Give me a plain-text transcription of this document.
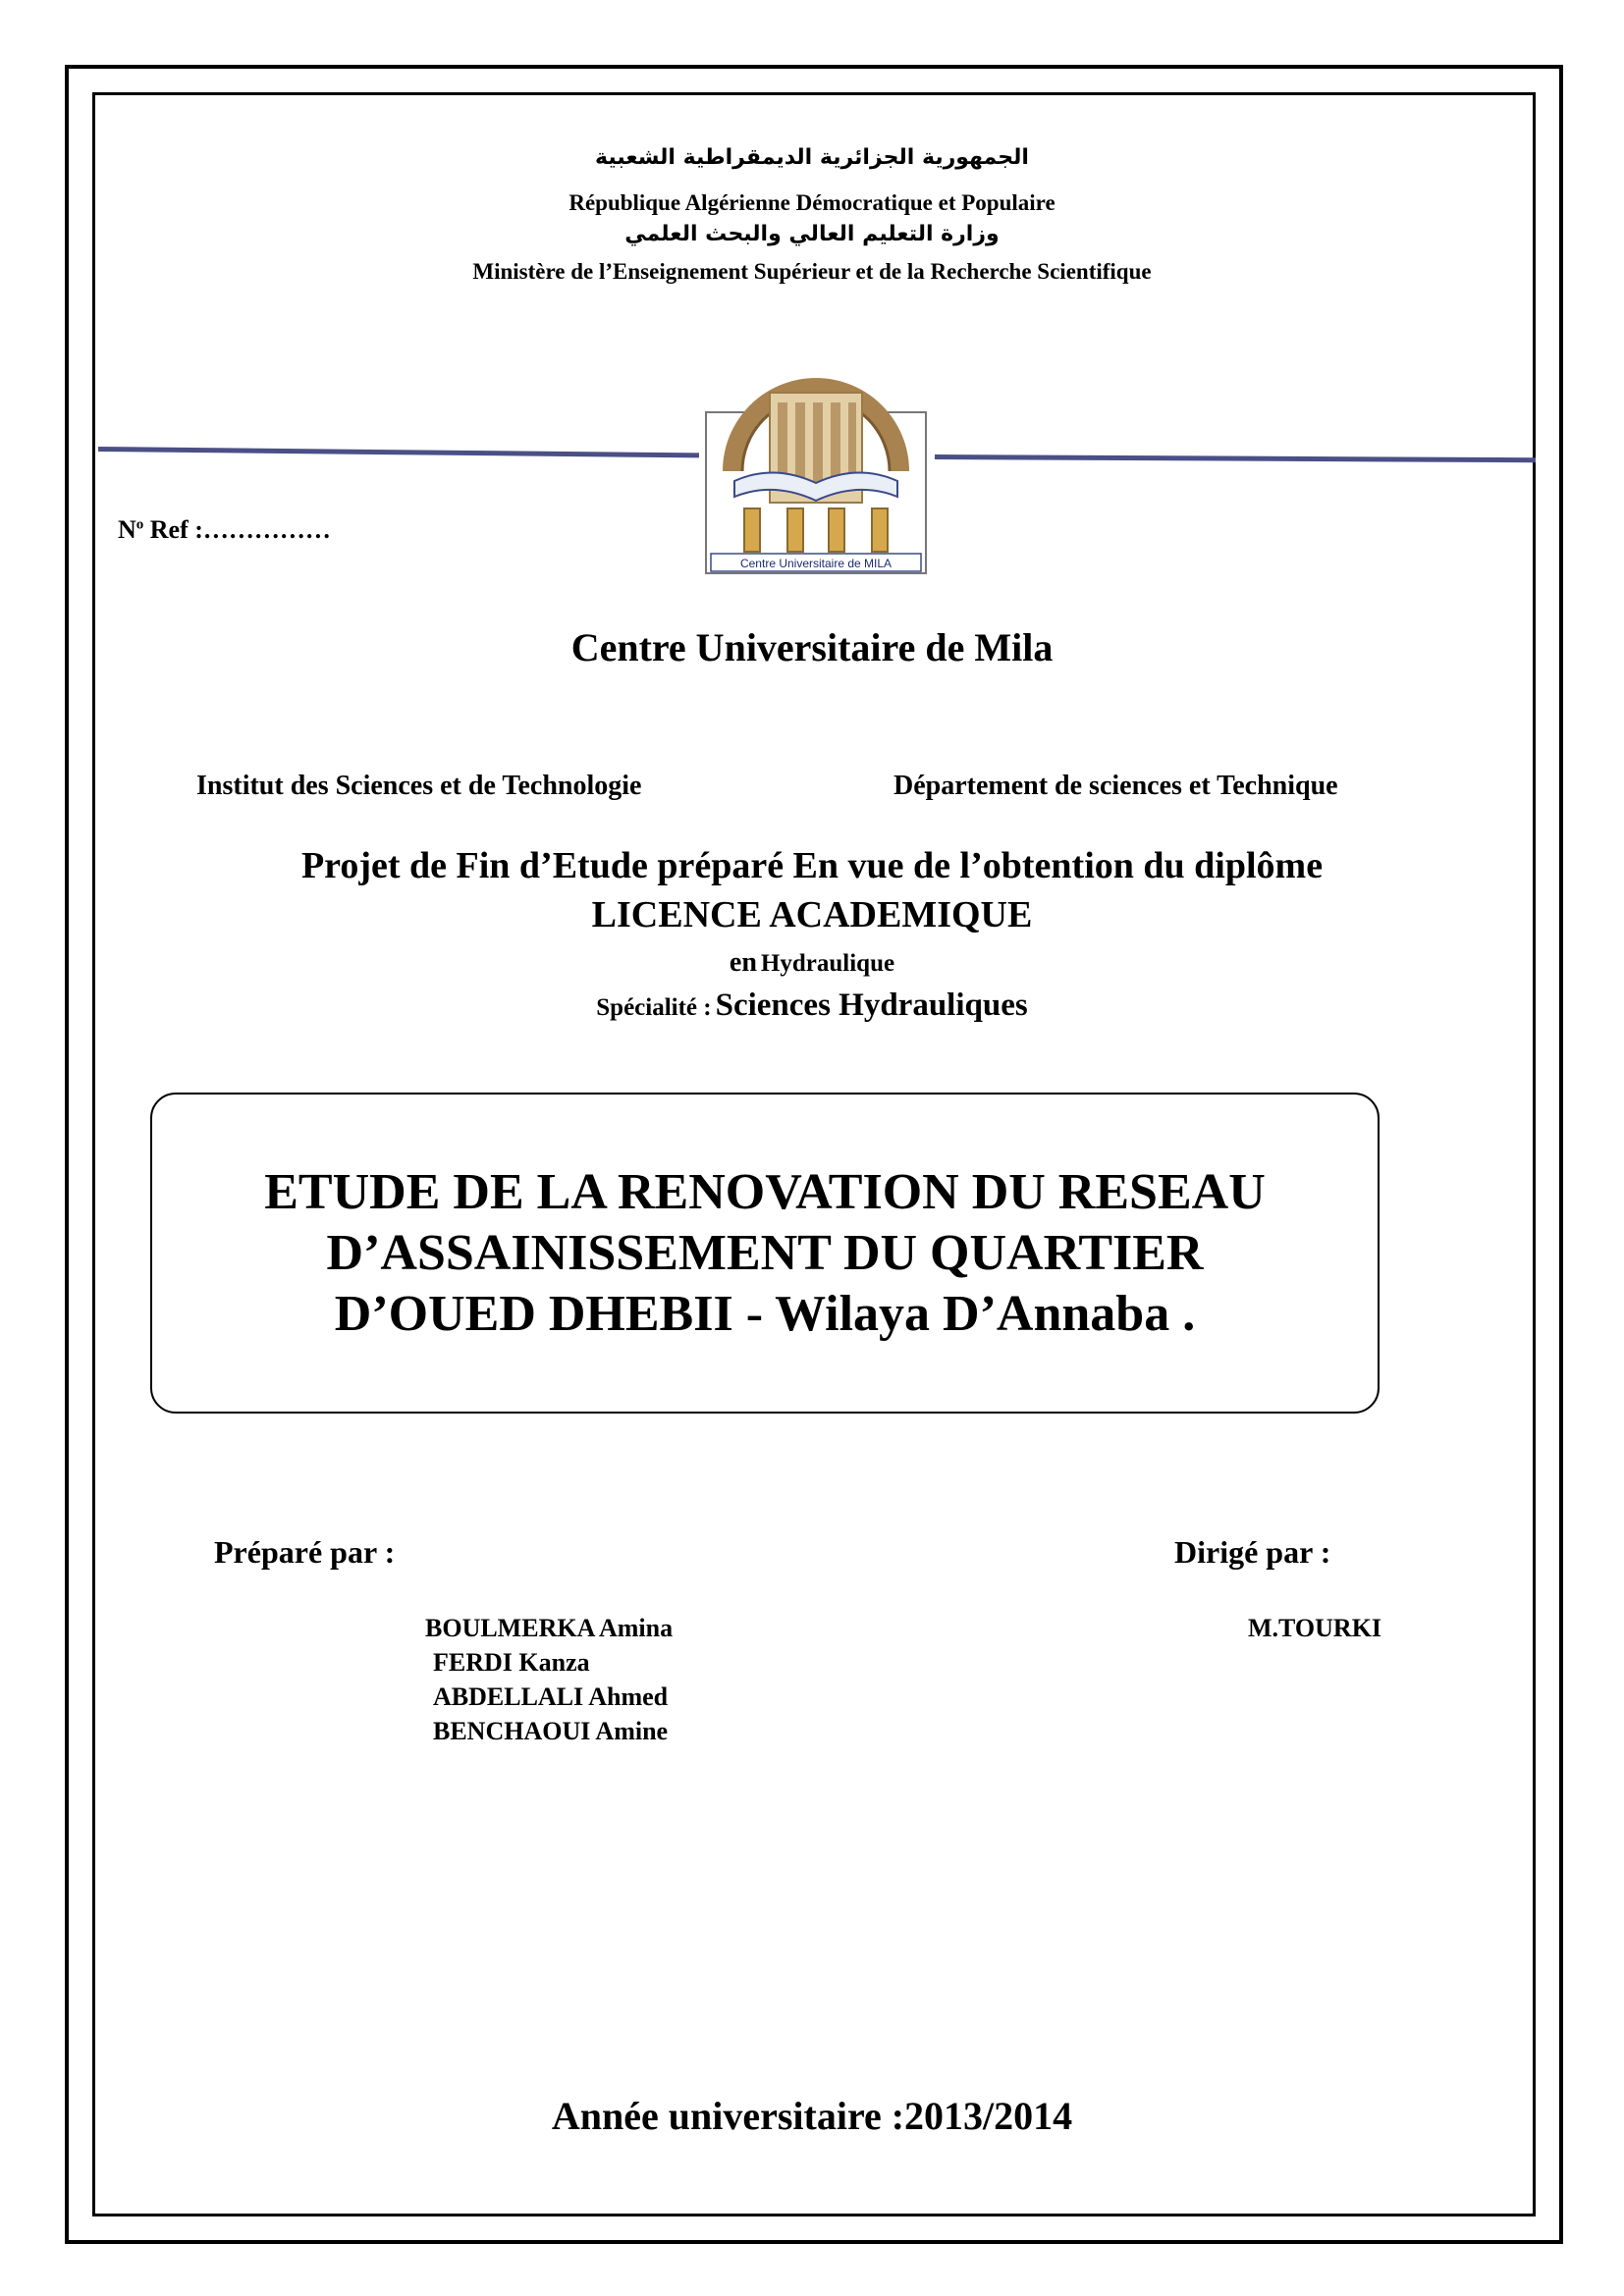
الجمهورية الجزائرية الديمقراطية الشعبية
République Algérienne Démocratique et Populaire
وزارة التعليم العالي والبحث العلمي
Ministère de l’Enseignement Supérieur et de la Recherche Scientifique
Centre Universitaire de MILA
$N^o$ Ref :……………
Centre Universitaire de Mila
Institut des Sciences et de Technologie	Département de sciences et Technique
Projet de Fin d’Etude préparé En vue de l’obtention du diplôme
LICENCE ACADEMIQUE
en Hydraulique
Spécialité : Sciences Hydrauliques
ETUDE DE LA RENOVATION DU RESEAU D’ASSAINISSEMENT DU QUARTIER D’OUED DHEBII - Wilaya D’Annaba .
Préparé par :	Dirigé par :
BOULMERKA Amina
FERDI Kanza
ABDELLALI Ahmed
BENCHAOUI Amine
M.TOURKI
Année universitaire :2013/2014
